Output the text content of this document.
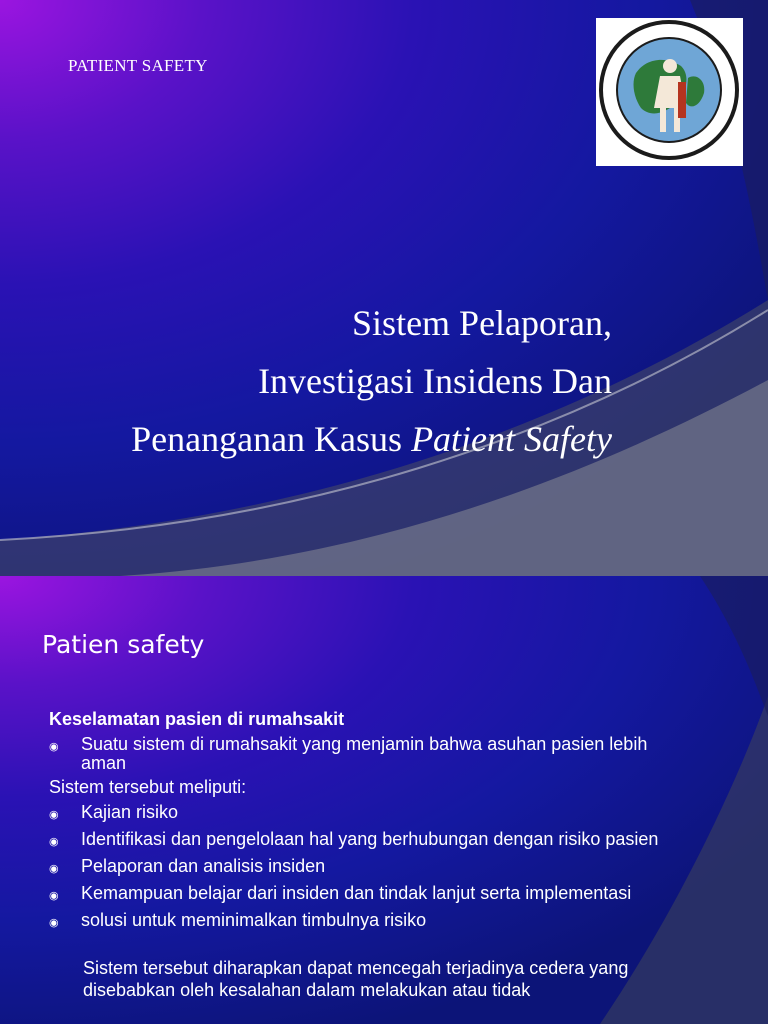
PATIENT SAFETY
Sistem Pelaporan,
Investigasi Insidens Dan
Penanganan Kasus Patient Safety
Patien safety
Keselamatan pasien di rumahsakit
◉	Suatu sistem di rumahsakit yang menjamin bahwa asuhan pasien lebih aman
Sistem tersebut meliputi:
◉	Kajian risiko
◉	Identifikasi dan pengelolaan hal yang berhubungan dengan risiko pasien
◉	Pelaporan dan analisis insiden
◉	Kemampuan belajar dari insiden dan tindak lanjut serta implementasi
◉	solusi untuk meminimalkan timbulnya risiko
Sistem tersebut diharapkan dapat mencegah terjadinya cedera yang disebabkan oleh kesalahan dalam melakukan atau tidak
